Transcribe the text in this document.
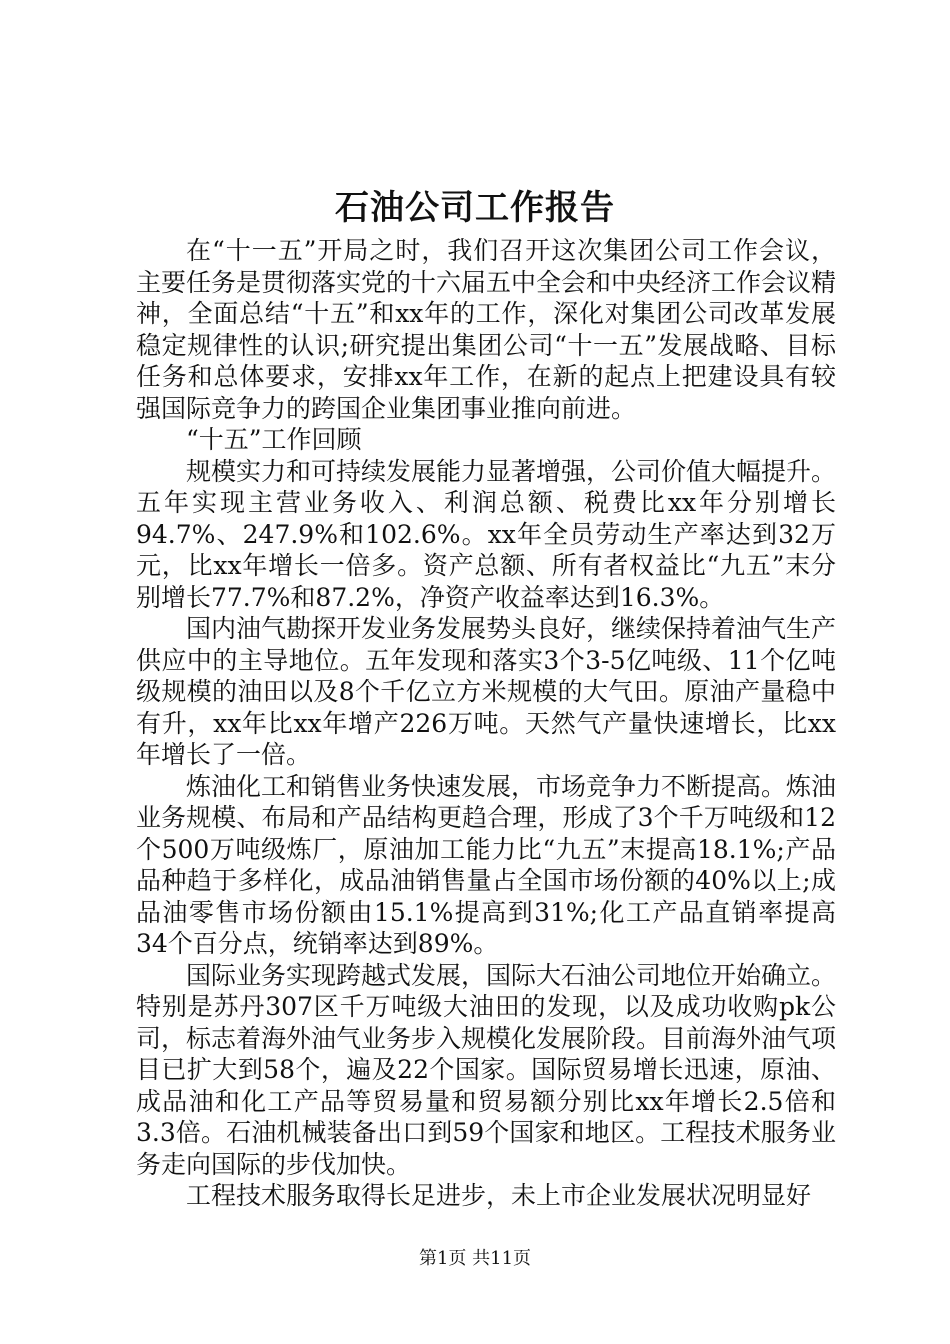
石油公司工作报告

在“十一五”开局之时，我们召开这次集团公司工作会议，主要任务是贯彻落实党的十六届五中全会和中央经济工作会议精神，全面总结“十五”和xx年的工作，深化对集团公司改革发展稳定规律性的认识;研究提出集团公司“十一五”发展战略、目标任务和总体要求，安排xx年工作，在新的起点上把建设具有较强国际竞争力的跨国企业集团事业推向前进。

“十五”工作回顾

规模实力和可持续发展能力显著增强，公司价值大幅提升。五年实现主营业务收入、利润总额、税费比xx年分别增长94.7%、247.9%和102.6%。xx年全员劳动生产率达到32万元，比xx年增长一倍多。资产总额、所有者权益比“九五”末分别增长77.7%和87.2%，净资产收益率达到16.3%。

国内油气勘探开发业务发展势头良好，继续保持着油气生产供应中的主导地位。五年发现和落实3个3-5亿吨级、11个亿吨级规模的油田以及8个千亿立方米规模的大气田。原油产量稳中有升，xx年比xx年增产226万吨。天然气产量快速增长，比xx年增长了一倍。

炼油化工和销售业务快速发展，市场竞争力不断提高。炼油业务规模、布局和产品结构更趋合理，形成了3个千万吨级和12个500万吨级炼厂，原油加工能力比“九五”末提高18.1%;产品品种趋于多样化，成品油销售量占全国市场份额的40%以上;成品油零售市场份额由15.1%提高到31%;化工产品直销率提高34个百分点，统销率达到89%。

国际业务实现跨越式发展，国际大石油公司地位开始确立。特别是苏丹307区千万吨级大油田的发现，以及成功收购pk公司，标志着海外油气业务步入规模化发展阶段。目前海外油气项目已扩大到58个，遍及22个国家。国际贸易增长迅速，原油、成品油和化工产品等贸易量和贸易额分别比xx年增长2.5倍和3.3倍。石油机械装备出口到59个国家和地区。工程技术服务业务走向国际的步伐加快。

工程技术服务取得长足进步，未上市企业发展状况明显好

第1页 共11页
